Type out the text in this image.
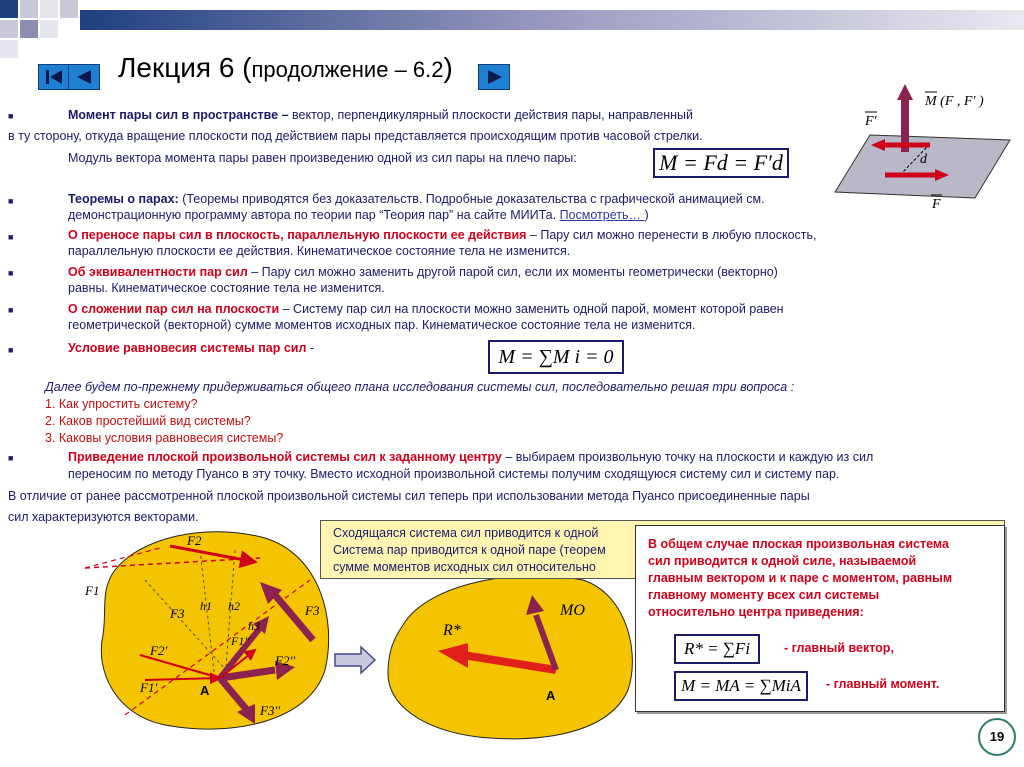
Лекция 6 (продолжение – 6.2)
M (F , F′ )
F′
d
F
■	Момент пары сил в пространстве – вектор, перпендикулярный плоскости действия пары, направленный
в ту сторону, откуда вращение плоскости под действием пары представляется происходящим против часовой стрелки.
Модуль вектора момента пары равен произведению одной из сил пары на плечо пары:	M = Fd = F′d
■	Теоремы о парах: (Теоремы приводятся без доказательств. Подробные доказательства с графической анимацией см.
демонстрационную программу автора по теории пар “Теория пар” на сайте МИИТа. Посмотреть… )
■	О переносе пары сил в плоскость, параллельную плоскости ее действия – Пару сил можно перенести в любую плоскость,
параллельную плоскости ее действия. Кинематическое состояние тела не изменится.
■	Об эквивалентности пар сил – Пару сил можно заменить другой парой сил, если их моменты геометрически (векторно)
равны. Кинематическое состояние тела не изменится.
■	О сложении пар сил на плоскости – Систему пар сил на плоскости можно заменить одной парой, момент которой равен
геометрической (векторной) сумме моментов исходных пар. Кинематическое состояние тела не изменится.
■	Условие равновесия системы пар сил -	M = ∑M i = 0
Далее будем по-прежнему придерживаться общего плана исследования системы сил, последовательно решая три вопроса :
1. Как упростить систему?
2. Каков простейший вид системы?
3. Каковы условия равновесия системы?
■	Приведение плоской произвольной системы сил к заданному центру – выбираем произвольную точку на плоскости и каждую из сил
переносим по методу Пуансо в эту точку. Вместо исходной произвольной системы получим сходящуюся систему сил и систему пар.
В отличие от ранее рассмотренной плоской произвольной системы сил теперь при использовании метода Пуансо присоединенные пары
сил характеризуются векторами.
F2
F1
F3 h1 h2
h3
F3
F1''
F2'
F2''
F1'
F3''
A
R*
MO
A
Сходящаяся система сил приводится к одной
Система пар приводится к одной паре (теорем
сумме моментов исходных сил относительно
В общем случае плоская произвольная система
сил приводится к одной силе, называемой
главным вектором и к паре с моментом, равным
главному моменту всех сил системы
относительно центра приведения:
R* = ∑Fi	- главный вектор,
M = MA = ∑MiA	- главный момент.
19
